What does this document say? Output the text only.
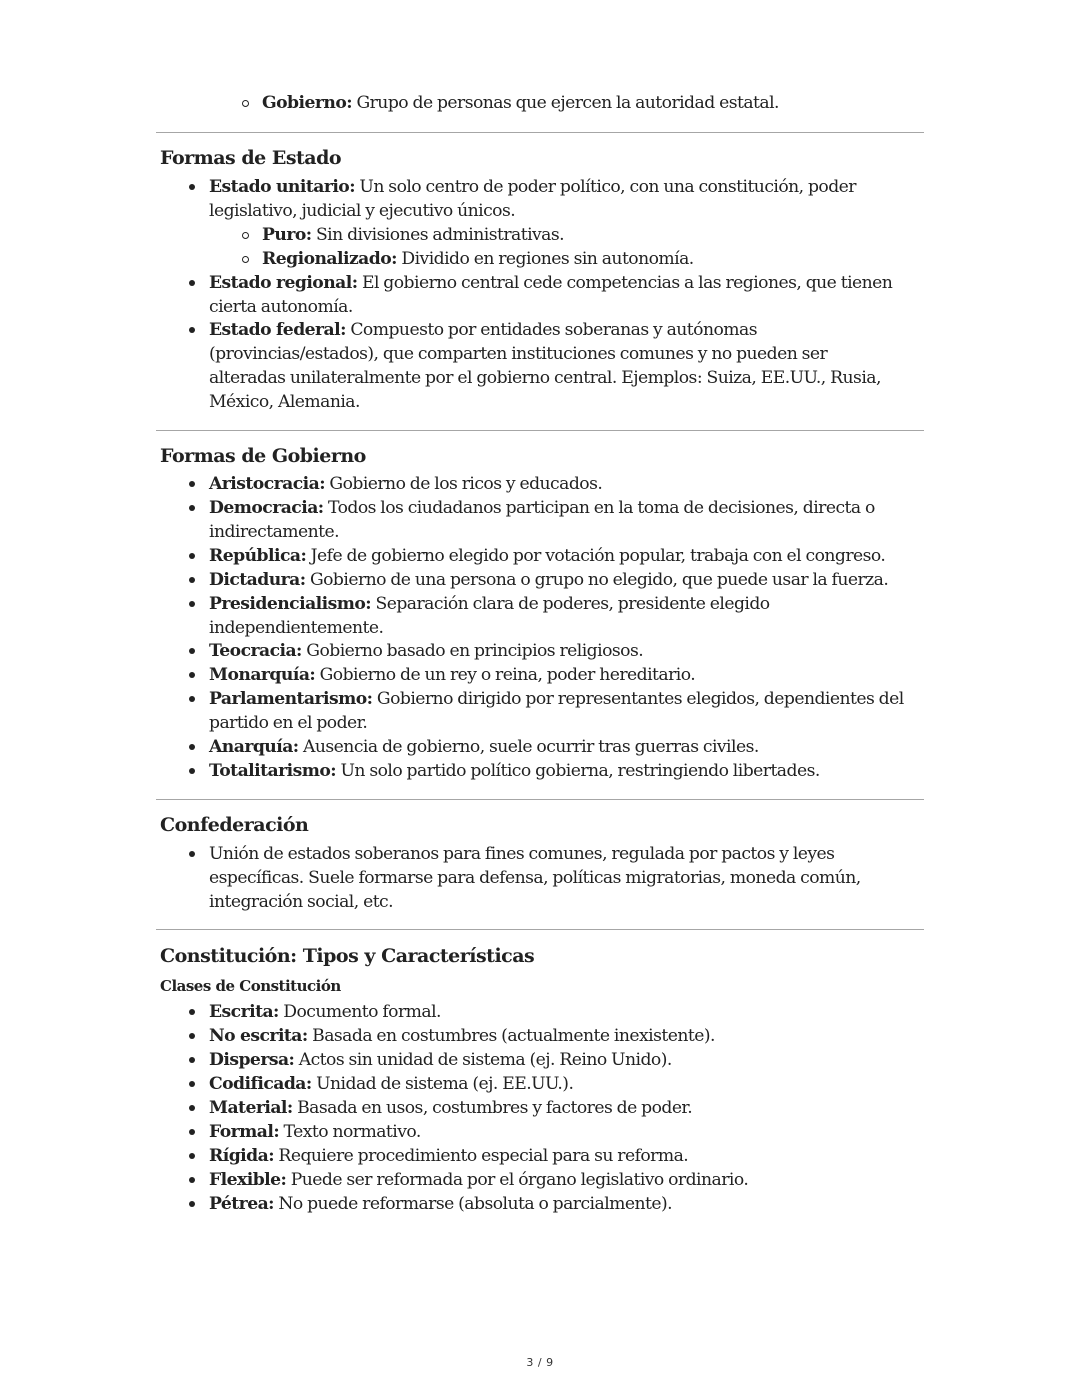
Gobierno: Grupo de personas que ejercen la autoridad estatal.
Formas de Estado
Estado unitario: Un solo centro de poder político, con una constitución, poder
legislativo, judicial y ejecutivo únicos.
Puro: Sin divisiones administrativas.
Regionalizado: Dividido en regiones sin autonomía.
Estado regional: El gobierno central cede competencias a las regiones, que tienen
cierta autonomía.
Estado federal: Compuesto por entidades soberanas y autónomas
(provincias/estados), que comparten instituciones comunes y no pueden ser
alteradas unilateralmente por el gobierno central. Ejemplos: Suiza, EE.UU., Rusia,
México, Alemania.
Formas de Gobierno
Aristocracia: Gobierno de los ricos y educados.
Democracia: Todos los ciudadanos participan en la toma de decisiones, directa o
indirectamente.
República: Jefe de gobierno elegido por votación popular, trabaja con el congreso.
Dictadura: Gobierno de una persona o grupo no elegido, que puede usar la fuerza.
Presidencialismo: Separación clara de poderes, presidente elegido
independientemente.
Teocracia: Gobierno basado en principios religiosos.
Monarquía: Gobierno de un rey o reina, poder hereditario.
Parlamentarismo: Gobierno dirigido por representantes elegidos, dependientes del
partido en el poder.
Anarquía: Ausencia de gobierno, suele ocurrir tras guerras civiles.
Totalitarismo: Un solo partido político gobierna, restringiendo libertades.
Confederación
Unión de estados soberanos para fines comunes, regulada por pactos y leyes
específicas. Suele formarse para defensa, políticas migratorias, moneda común,
integración social, etc.
Constitución: Tipos y Características
Clases de Constitución
Escrita: Documento formal.
No escrita: Basada en costumbres (actualmente inexistente).
Dispersa: Actos sin unidad de sistema (ej. Reino Unido).
Codificada: Unidad de sistema (ej. EE.UU.).
Material: Basada en usos, costumbres y factores de poder.
Formal: Texto normativo.
Rígida: Requiere procedimiento especial para su reforma.
Flexible: Puede ser reformada por el órgano legislativo ordinario.
Pétrea: No puede reformarse (absoluta o parcialmente).
3 / 9
